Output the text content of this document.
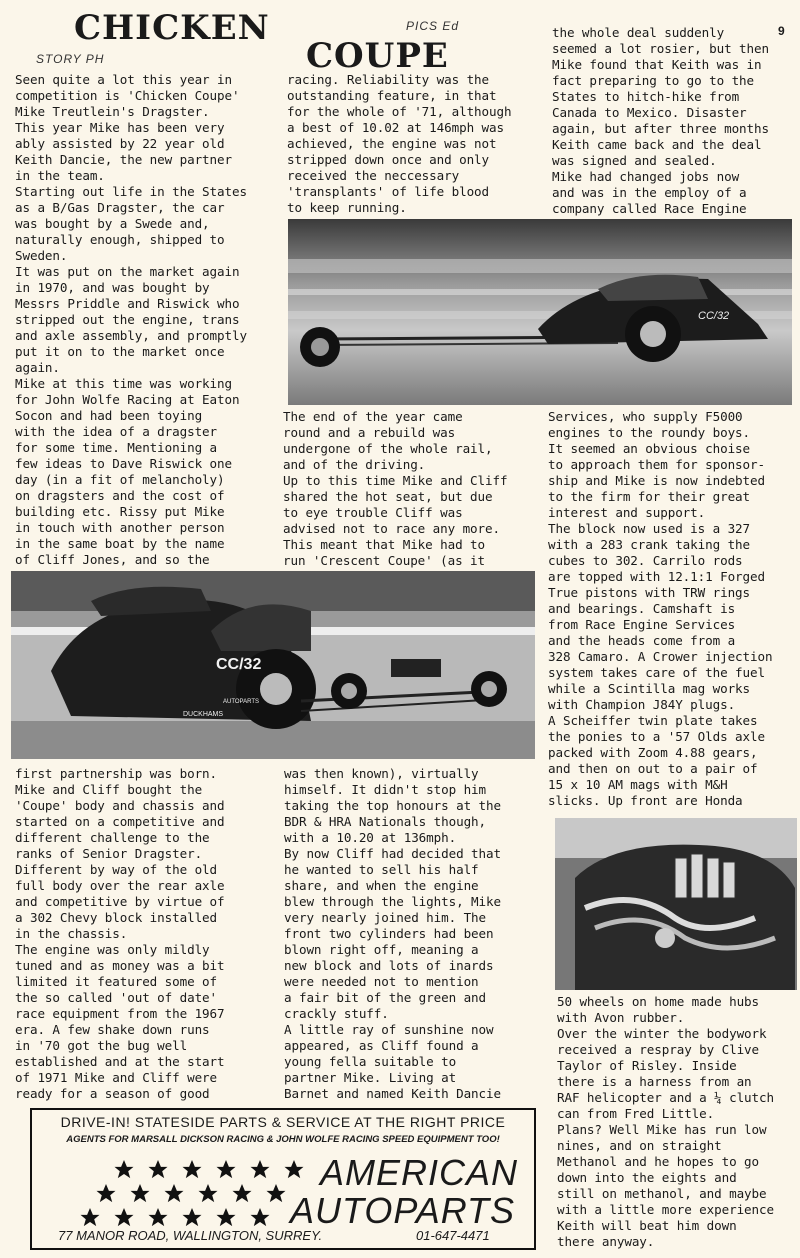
CHICKEN
STORY PH
PICS Ed
COUPE
9
Seen quite a lot this year in
competition is 'Chicken Coupe'
Mike Treutlein's Dragster.
This year Mike has been very
ably assisted by 22 year old
Keith Dancie, the new partner
in the team.
Starting out life in the States
as a B/Gas Dragster, the car
was bought by a Swede and,
naturally enough, shipped to
Sweden.
It was put on the market again
in 1970, and was bought by
Messrs Priddle and Riswick who
stripped out the engine, trans
and axle assembly, and promptly
put it on to the market once
again.
Mike at this time was working
for John Wolfe Racing at Eaton
Socon and had been toying
with the idea of a dragster
for some time. Mentioning a
few ideas to Dave Riswick one
day (in a fit of melancholy)
on dragsters and the cost of
building etc. Rissy put Mike
in touch with another person
in the same boat by the name
of Cliff Jones, and so the
racing. Reliability was the
outstanding feature, in that
for the whole of '71, although
a best of 10.02 at 146mph was
achieved, the engine was not
stripped down once and only
received the neccessary
'transplants' of life blood
to keep running.
the whole deal suddenly
seemed a lot rosier, but then
Mike found that Keith was in
fact preparing to go to the
States to hitch-hike from
Canada to Mexico. Disaster
again, but after three months
Keith came back and the deal
was signed and sealed.
Mike had changed jobs now
and was in the employ of a
company called Race Engine
CC/32
The end of the year came
round and a rebuild was
undergone of the whole rail,
and of the driving.
Up to this time Mike and Cliff
shared the hot seat, but due
to eye trouble Cliff was
advised not to race any more.
This meant that Mike had to
run 'Crescent Coupe' (as it
Services, who supply F5000
engines to the roundy boys.
It seemed an obvious choise
to approach them for sponsor-
ship and Mike is now indebted
to the firm for their great
interest and support.
The block now used is a 327
with a 283 crank taking the
cubes to 302. Carrilo rods
are topped with 12.1:1 Forged
True pistons with TRW rings
and bearings. Camshaft is
from Race Engine Services
and the heads come from a
328 Camaro. A Crower injection
system takes care of the fuel
while a Scintilla mag works
with Champion J84Y plugs.
A Scheiffer twin plate takes
the ponies to a '57 Olds axle
packed with Zoom 4.88 gears,
and then on out to a pair of
15 x 10 AM mags with M&H
slicks. Up front are Honda
CC/32
DUCKHAMS
AUTOPARTS
first partnership was born.
Mike and Cliff bought the
'Coupe' body and chassis and
started on a competitive and
different challenge to the
ranks of Senior Dragster.
Different by way of the old
full body over the rear axle
and competitive by virtue of
a 302 Chevy block installed
in the chassis.
The engine was only mildly
tuned and as money was a bit
limited it featured some of
the so called 'out of date'
race equipment from the 1967
era. A few shake down runs
in '70 got the bug well
established and at the start
of 1971 Mike and Cliff were
ready for a season of good
was then known), virtually
himself. It didn't stop him
taking the top honours at the
BDR & HRA Nationals though,
with a 10.20 at 136mph.
By now Cliff had decided that
he wanted to sell his half
share, and when the engine
blew through the lights, Mike
very nearly joined him. The
front two cylinders had been
blown right off, meaning a
new block and lots of inards
were needed not to mention
a fair bit of the green and
crackly stuff.
A little ray of sunshine now
appeared, as Cliff found a
young fella suitable to
partner Mike. Living at
Barnet and named Keith Dancie
50 wheels on home made hubs
with Avon rubber.
Over the winter the bodywork
received a respray by Clive
Taylor of Risley. Inside
there is a harness from an
RAF helicopter and a ¼ clutch
can from Fred Little.
Plans? Well Mike has run low
nines, and on straight
Methanol and he hopes to go
down into the eights and
still on methanol, and maybe
with a little more experience
Keith will beat him down
there anyway.
DRIVE-IN! STATESIDE PARTS & SERVICE AT THE RIGHT PRICE
AGENTS FOR MARSALL DICKSON RACING & JOHN WOLFE RACING SPEED EQUIPMENT TOO!
AMERICAN
AUTOPARTS
77 MANOR ROAD, WALLINGTON, SURREY.	01-647-4471
